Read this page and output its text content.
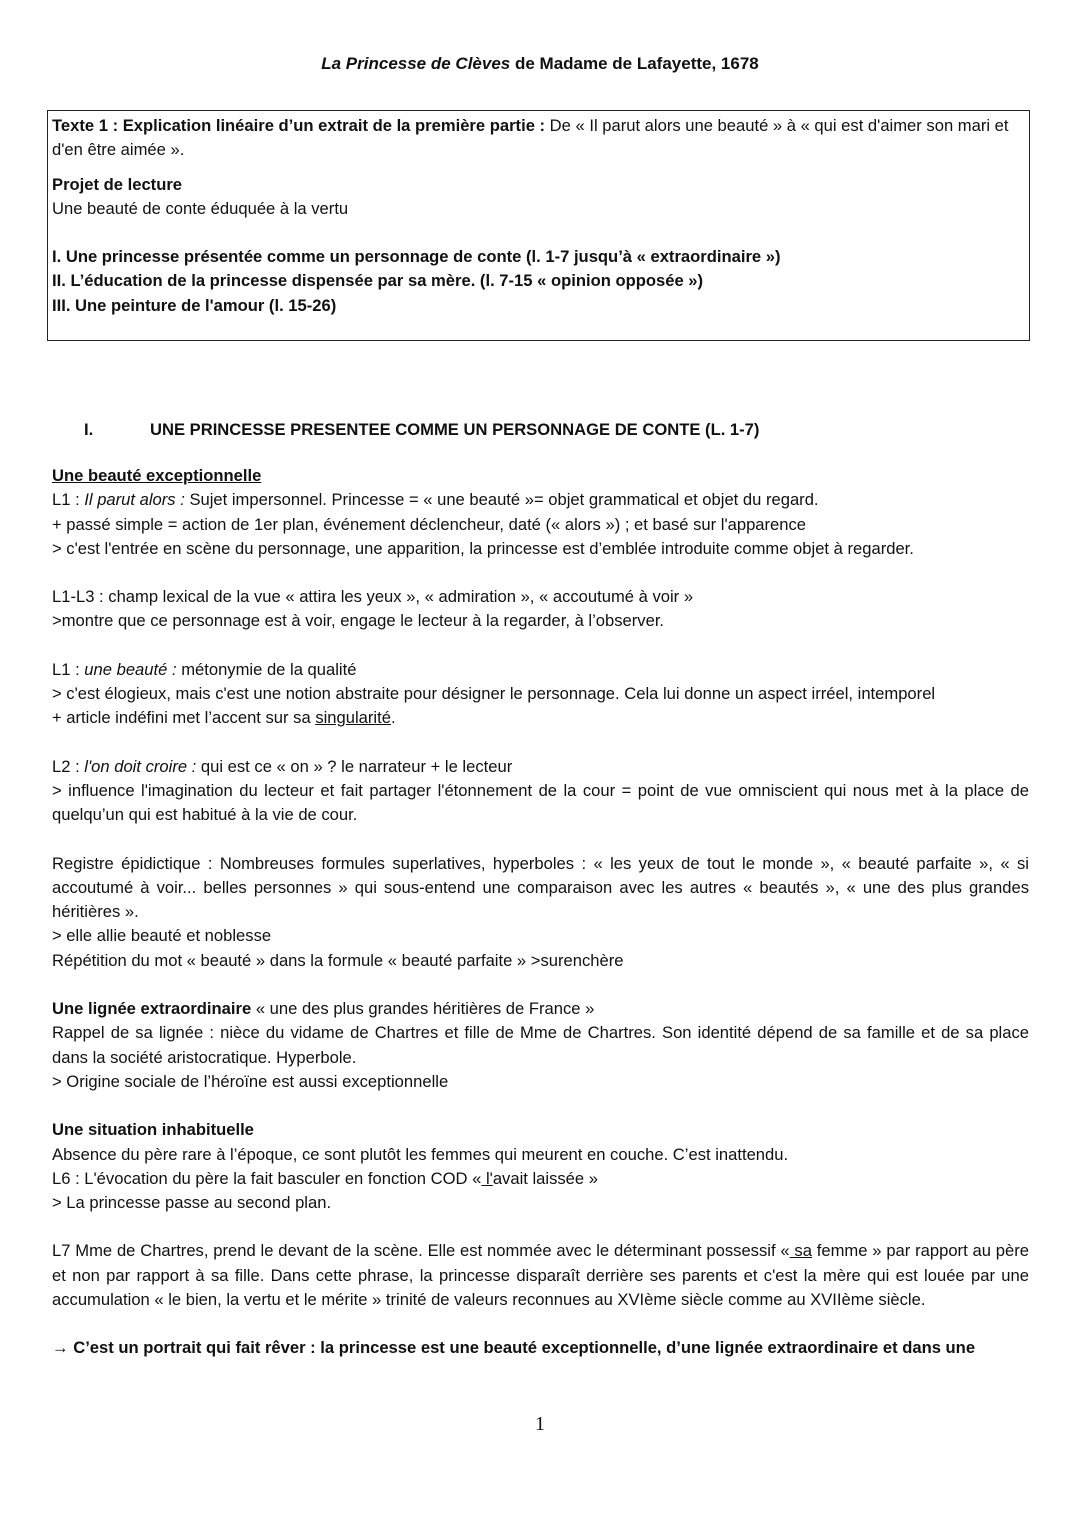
La Princesse de Clèves de Madame de Lafayette, 1678

Texte 1 : Explication linéaire d’un extrait de la première partie : De « Il parut alors une beauté » à « qui est d'aimer son mari et d'en être aimée ».

Projet de lecture

Une beauté de conte éduquée à la vertu

I. Une princesse présentée comme un personnage de conte (l. 1-7 jusqu’à « extraordinaire »)

II. L’éducation de la princesse dispensée par sa mère. (l. 7-15 « opinion opposée »)

III. Une peinture de l'amour (l. 15-26)

I.	UNE PRINCESSE PRESENTEE COMME UN PERSONNAGE DE CONTE (L. 1-7)

Une beauté exceptionnelle

L1 : Il parut alors : Sujet impersonnel. Princesse = « une beauté »= objet grammatical et objet du regard.
+ passé simple = action de 1er plan, événement déclencheur, daté (« alors ») ; et basé sur l'apparence
> c'est l'entrée en scène du personnage, une apparition, la princesse est d’emblée introduite comme objet à regarder.

L1-L3 : champ lexical de la vue « attira les yeux », « admiration », « accoutumé à voir »
>montre que ce personnage est à voir, engage le lecteur à la regarder, à l’observer.

L1 : une beauté : métonymie de la qualité
> c'est élogieux, mais c'est une notion abstraite pour désigner le personnage. Cela lui donne un aspect irréel, intemporel
+ article indéfini met l’accent sur sa singularité.

L2 : l'on doit croire : qui est ce « on » ? le narrateur + le lecteur
> influence l'imagination du lecteur et fait partager l'étonnement de la cour = point de vue omniscient qui nous met à la place de quelqu’un qui est habitué à la vie de cour.

Registre épidictique : Nombreuses formules superlatives, hyperboles : « les yeux de tout le monde », « beauté parfaite », « si accoutumé à voir... belles personnes » qui sous-entend une comparaison avec les autres « beautés », « une des plus grandes héritières ».
> elle allie beauté et noblesse
Répétition du mot « beauté » dans la formule « beauté parfaite » >surenchère

Une lignée extraordinaire « une des plus grandes héritières de France »
Rappel de sa lignée : nièce du vidame de Chartres et fille de Mme de Chartres. Son identité dépend de sa famille et de sa place dans la société aristocratique. Hyperbole.
> Origine sociale de l’héroïne est aussi exceptionnelle

Une situation inhabituelle
Absence du père rare à l’époque, ce sont plutôt les femmes qui meurent en couche. C’est inattendu.
L6 : L'évocation du père la fait basculer en fonction COD « l'avait laissée »
> La princesse passe au second plan.

L7 Mme de Chartres, prend le devant de la scène. Elle est nommée avec le déterminant possessif « sa femme » par rapport au père et non par rapport à sa fille. Dans cette phrase, la princesse disparaît derrière ses parents et c'est la mère qui est louée par une accumulation « le bien, la vertu et le mérite » trinité de valeurs reconnues au XVIème siècle comme au XVIIème siècle.

→ C’est un portrait qui fait rêver : la princesse est une beauté exceptionnelle, d’une lignée extraordinaire et dans une

1
